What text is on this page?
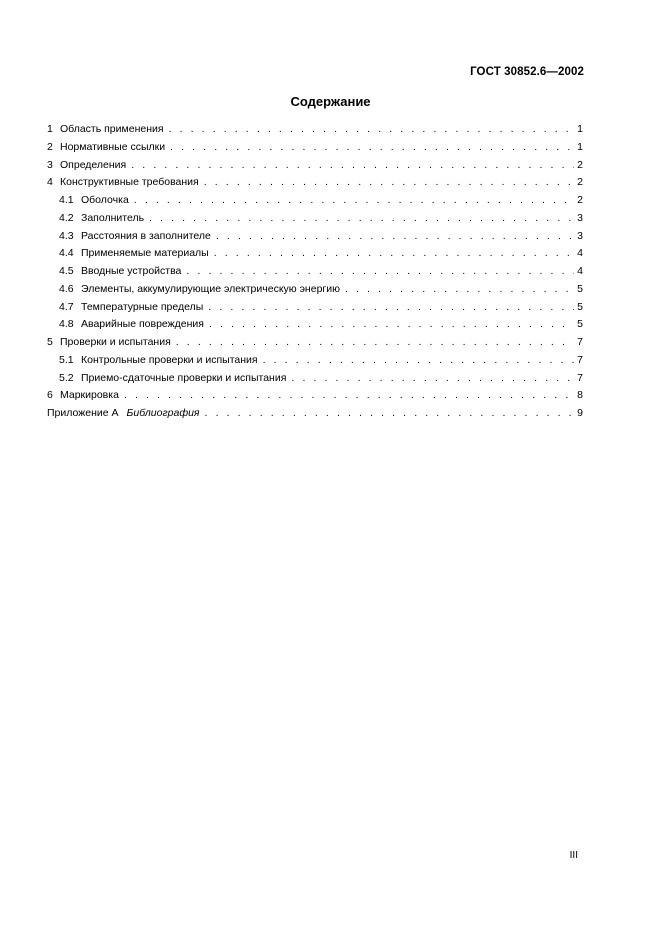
ГОСТ 30852.6—2002
Содержание
1 Область применения . . .	1
2 Нормативные ссылки . . .	1
3 Определения . . .	2
4 Конструктивные требования . . .	2
4.1 Оболочка . . .	2
4.2 Заполнитель . . .	3
4.3 Расстояния в заполнителе . . .	3
4.4 Применяемые материалы . . .	4
4.5 Вводные устройства . . .	4
4.6 Элементы, аккумулирующие электрическую энергию . . .	5
4.7 Температурные пределы . . .	5
4.8 Аварийные повреждения . . .	5
5 Проверки и испытания . . .	7
5.1 Контрольные проверки и испытания . . .	7
5.2 Приемо-сдаточные проверки и испытания . . .	7
6 Маркировка . . .	8
Приложение А Библиография . . .	9
III
